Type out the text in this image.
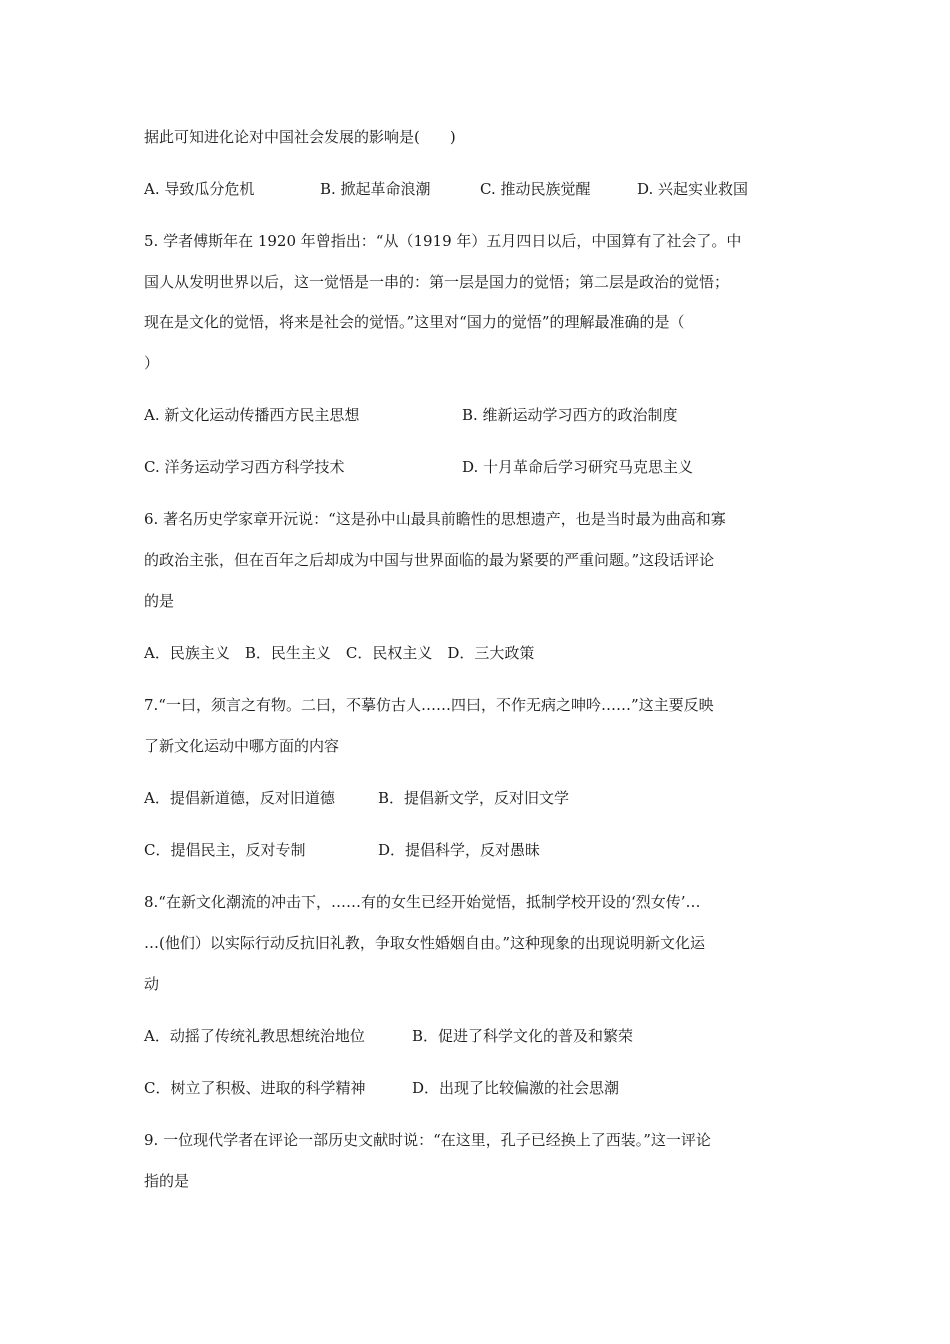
据此可知进化论对中国社会发展的影响是(　　)
A. 导致瓜分危机	B. 掀起革命浪潮	C. 推动民族觉醒	D. 兴起实业救国
5. 学者傅斯年在 1920 年曾指出：“从（1919 年）五月四日以后，中国算有了社会了。中
国人从发明世界以后，这一觉悟是一串的：第一层是国力的觉悟；第二层是政治的觉悟；
现在是文化的觉悟，将来是社会的觉悟。”这里对“国力的觉悟”的理解最准确的是（
）
A. 新文化运动传播西方民主思想	B. 维新运动学习西方的政治制度
C. 洋务运动学习西方科学技术	D. 十月革命后学习研究马克思主义
6. 著名历史学家章开沅说：“这是孙中山最具前瞻性的思想遗产，也是当时最为曲高和寡
的政治主张，但在百年之后却成为中国与世界面临的最为紧要的严重问题。”这段话评论
的是
A．民族主义　B．民生主义　C．民权主义　D．三大政策
7.“一曰，须言之有物。二曰，不摹仿古人……四曰，不作无病之呻吟……”这主要反映
了新文化运动中哪方面的内容
A．提倡新道德，反对旧道德	B．提倡新文学，反对旧文学
C．提倡民主，反对专制	D．提倡科学，反对愚昧
8.“在新文化潮流的冲击下，……有的女生已经开始觉悟，抵制学校开设的‘烈女传’…
…(他们）以实际行动反抗旧礼教，争取女性婚姻自由。”这种现象的出现说明新文化运
动
A．动摇了传统礼教思想统治地位	B．促进了科学文化的普及和繁荣
C．树立了积极、进取的科学精神	D．出现了比较偏激的社会思潮
9. 一位现代学者在评论一部历史文献时说：“在这里，孔子已经换上了西装。”这一评论
指的是
